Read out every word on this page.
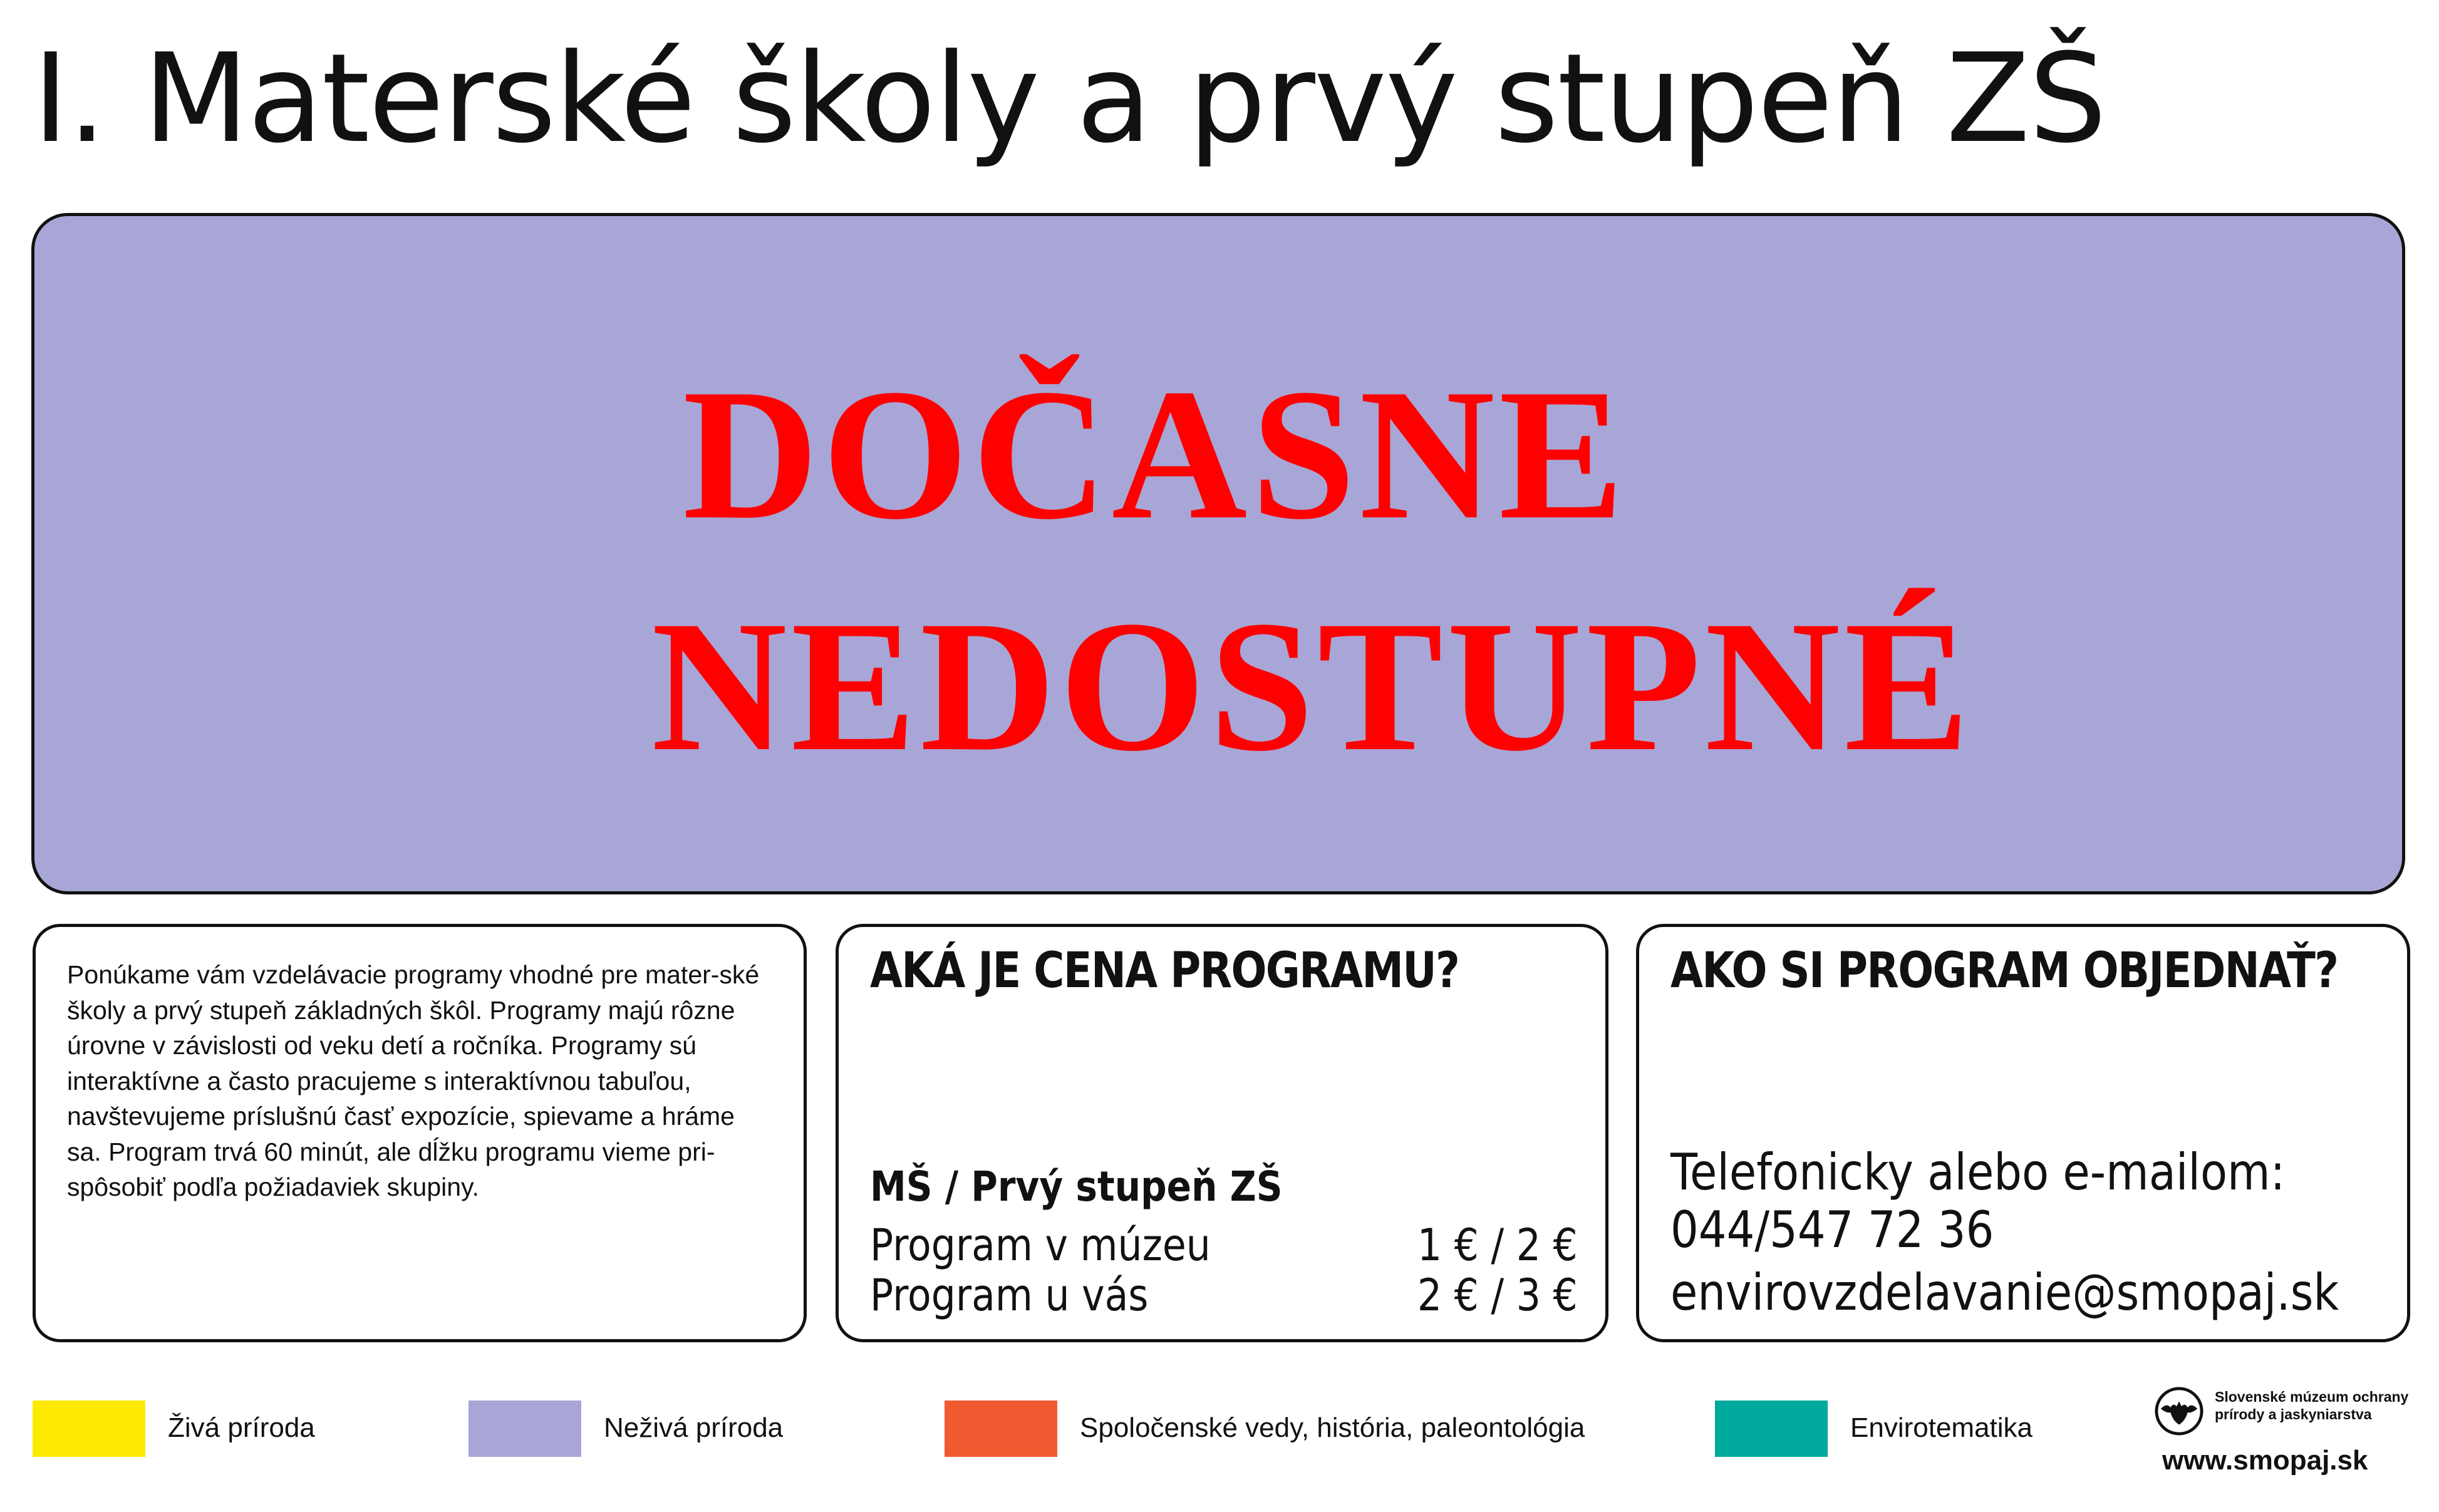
I. Materské školy a prvý stupeň ZŠ

DOČASNE

NEDOSTUPNÉ

Ponúkame vám vzdelávacie programy vhodné pre mater-ské školy a prvý stupeň základných škôl. Programy majú rôzne úrovne v závislosti od veku detí a ročníka. Programy sú interaktívne a často pracujeme s interaktívnou tabuľou, navštevujeme príslušnú časť expozície, spievame a hráme sa. Program trvá 60 minút, ale dĺžku programu vieme pri-spôsobiť podľa požiadaviek skupiny.

AKÁ JE CENA PROGRAMU?

MŠ / Prvý stupeň ZŠ

Program v múzeu	1 € / 2 €
Program u vás	2 € / 3 €
AKO SI PROGRAM OBJEDNAŤ?

Telefonicky alebo e-mailom:

044/547 72 36

envirovzdelavanie@smopaj.sk

Živá príroda	Neživá príroda	Spoločenské vedy, história, paleontológia	Envirotematika

Slovenské múzeum ochrany prírody a jaskyniarstva

www.smopaj.sk
